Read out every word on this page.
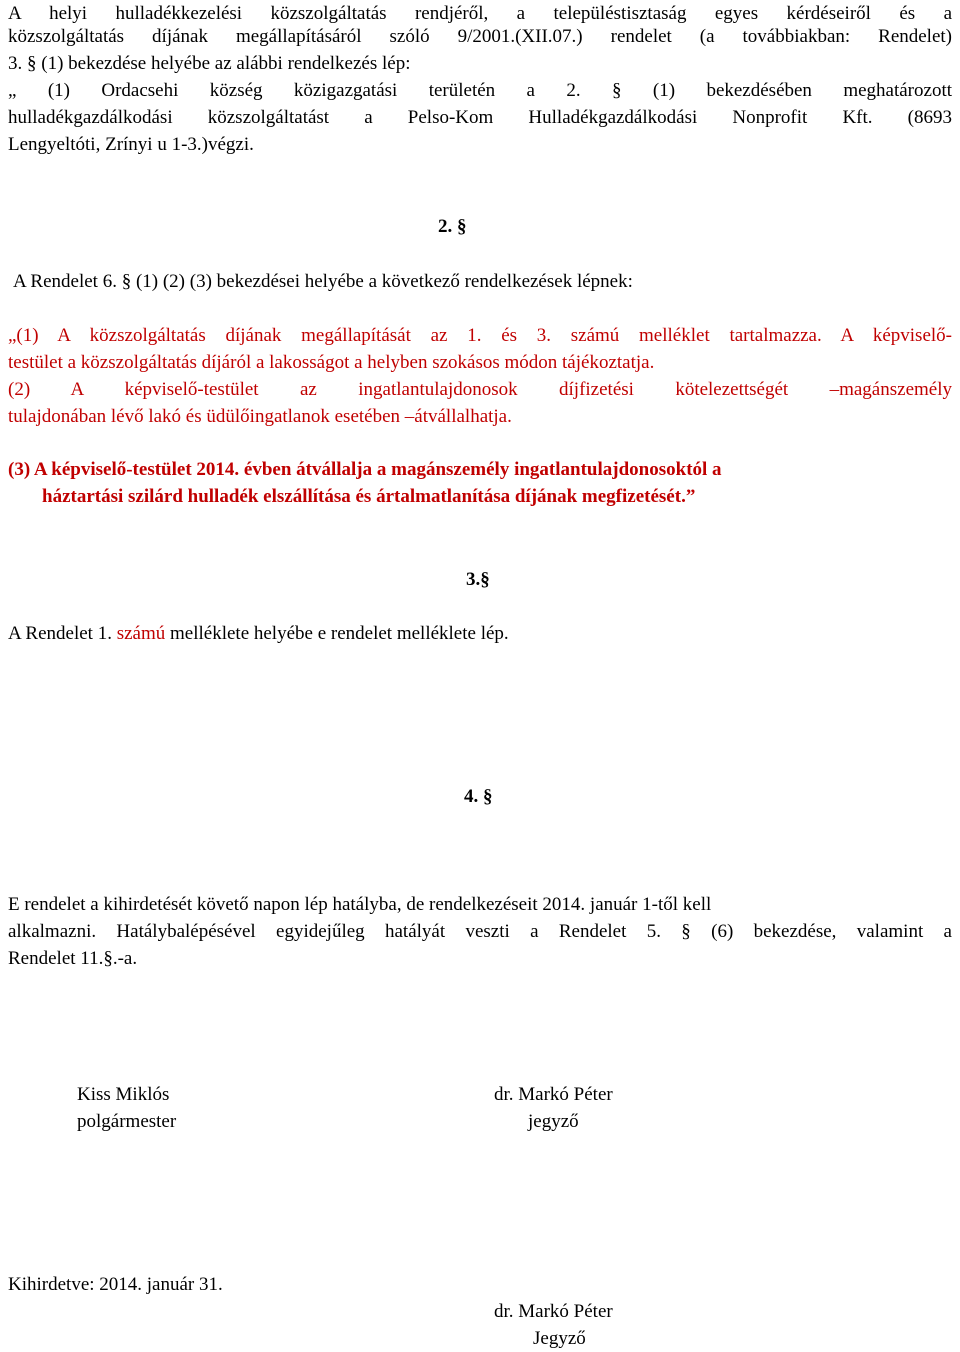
A helyi hulladékkezelési közszolgáltatás rendjéről, a településtisztaság egyes kérdéseiről és a
közszolgáltatás díjának megállapításáról szóló 9/2001.(XII.07.) rendelet (a továbbiakban: Rendelet)
3. § (1) bekezdése helyébe az alábbi rendelkezés lép:
„ (1) Ordacsehi község közigazgatási területén a 2. § (1) bekezdésében meghatározott
hulladékgazdálkodási közszolgáltatást a Pelso-Kom Hulladékgazdálkodási Nonprofit Kft. (8693
Lengyeltóti, Zrínyi u 1-3.)végzi.
2. §
A Rendelet 6. § (1) (2) (3) bekezdései helyébe a következő rendelkezések lépnek:
„(1) A közszolgáltatás díjának megállapítását az 1. és 3. számú melléklet tartalmazza. A képviselő-
testület a közszolgáltatás díjáról a lakosságot a helyben szokásos módon tájékoztatja.
(2) A képviselő-testület az ingatlantulajdonosok díjfizetési kötelezettségét –magánszemély
tulajdonában lévő lakó és üdülőingatlanok esetében –átvállalhatja.
(3) A képviselő-testület 2014. évben átvállalja a magánszemély ingatlantulajdonosoktól a
háztartási szilárd hulladék elszállítása és ártalmatlanítása díjának megfizetését.”
3.§
A Rendelet 1. számú melléklete helyébe e rendelet melléklete lép.
4. §
E rendelet a kihirdetését követő napon lép hatályba, de rendelkezéseit 2014. január 1-től kell
alkalmazni. Hatálybalépésével egyidejűleg hatályát veszti a Rendelet 5. § (6) bekezdése, valamint a
Rendelet 11.§.-a.
Kiss Miklós
polgármester
dr. Markó Péter
jegyző
Kihirdetve: 2014. január 31.
dr. Markó Péter
Jegyző
